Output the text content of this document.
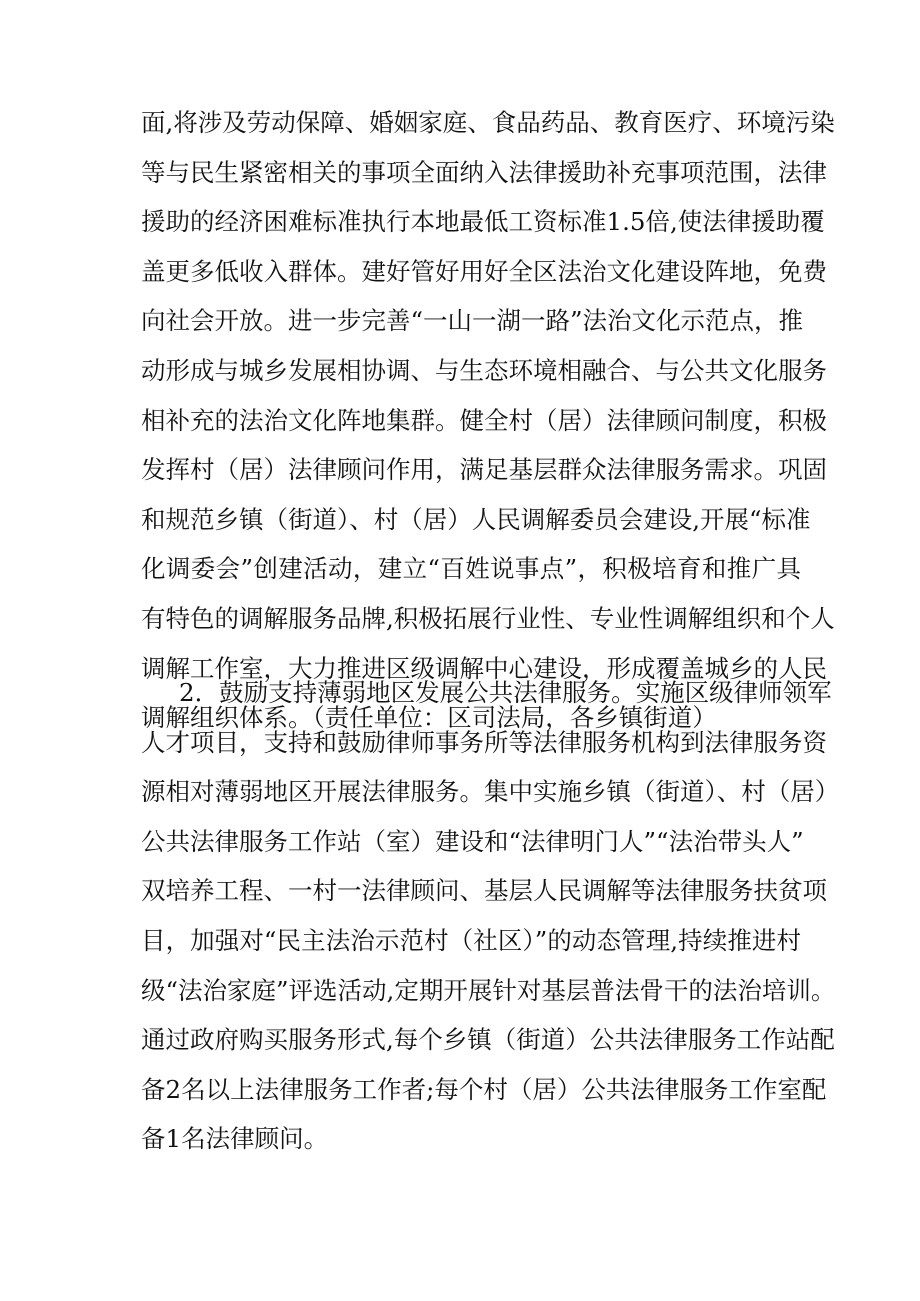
面,将涉及劳动保障、婚姻家庭、食品药品、教育医疗、环境污染
等与民生紧密相关的事项全面纳入法律援助补充事项范围，法律
援助的经济困难标准执行本地最低工资标准1.5倍,使法律援助覆
盖更多低收入群体。建好管好用好全区法治文化建设阵地，免费
向社会开放。进一步完善“一山一湖一路”法治文化示范点，推
动形成与城乡发展相协调、与生态环境相融合、与公共文化服务
相补充的法治文化阵地集群。健全村（居）法律顾问制度，积极
发挥村（居）法律顾问作用，满足基层群众法律服务需求。巩固
和规范乡镇（街道）、村（居）人民调解委员会建设,开展“标准
化调委会”创建活动，建立“百姓说事点”，积极培育和推广具
有特色的调解服务品牌,积极拓展行业性、专业性调解组织和个人
调解工作室，大力推进区级调解中心建设，形成覆盖城乡的人民
调解组织体系。（责任单位：区司法局，各乡镇街道）
2．鼓励支持薄弱地区发展公共法律服务。实施区级律师领军
人才项目，支持和鼓励律师事务所等法律服务机构到法律服务资
源相对薄弱地区开展法律服务。集中实施乡镇（街道）、村（居）
公共法律服务工作站（室）建设和“法律明门人”“法治带头人”
双培养工程、一村一法律顾问、基层人民调解等法律服务扶贫项
目，加强对“民主法治示范村（社区）”的动态管理,持续推进村
级“法治家庭”评选活动,定期开展针对基层普法骨干的法治培训。
通过政府购买服务形式,每个乡镇（街道）公共法律服务工作站配
备2名以上法律服务工作者;每个村（居）公共法律服务工作室配
备1名法律顾问。
